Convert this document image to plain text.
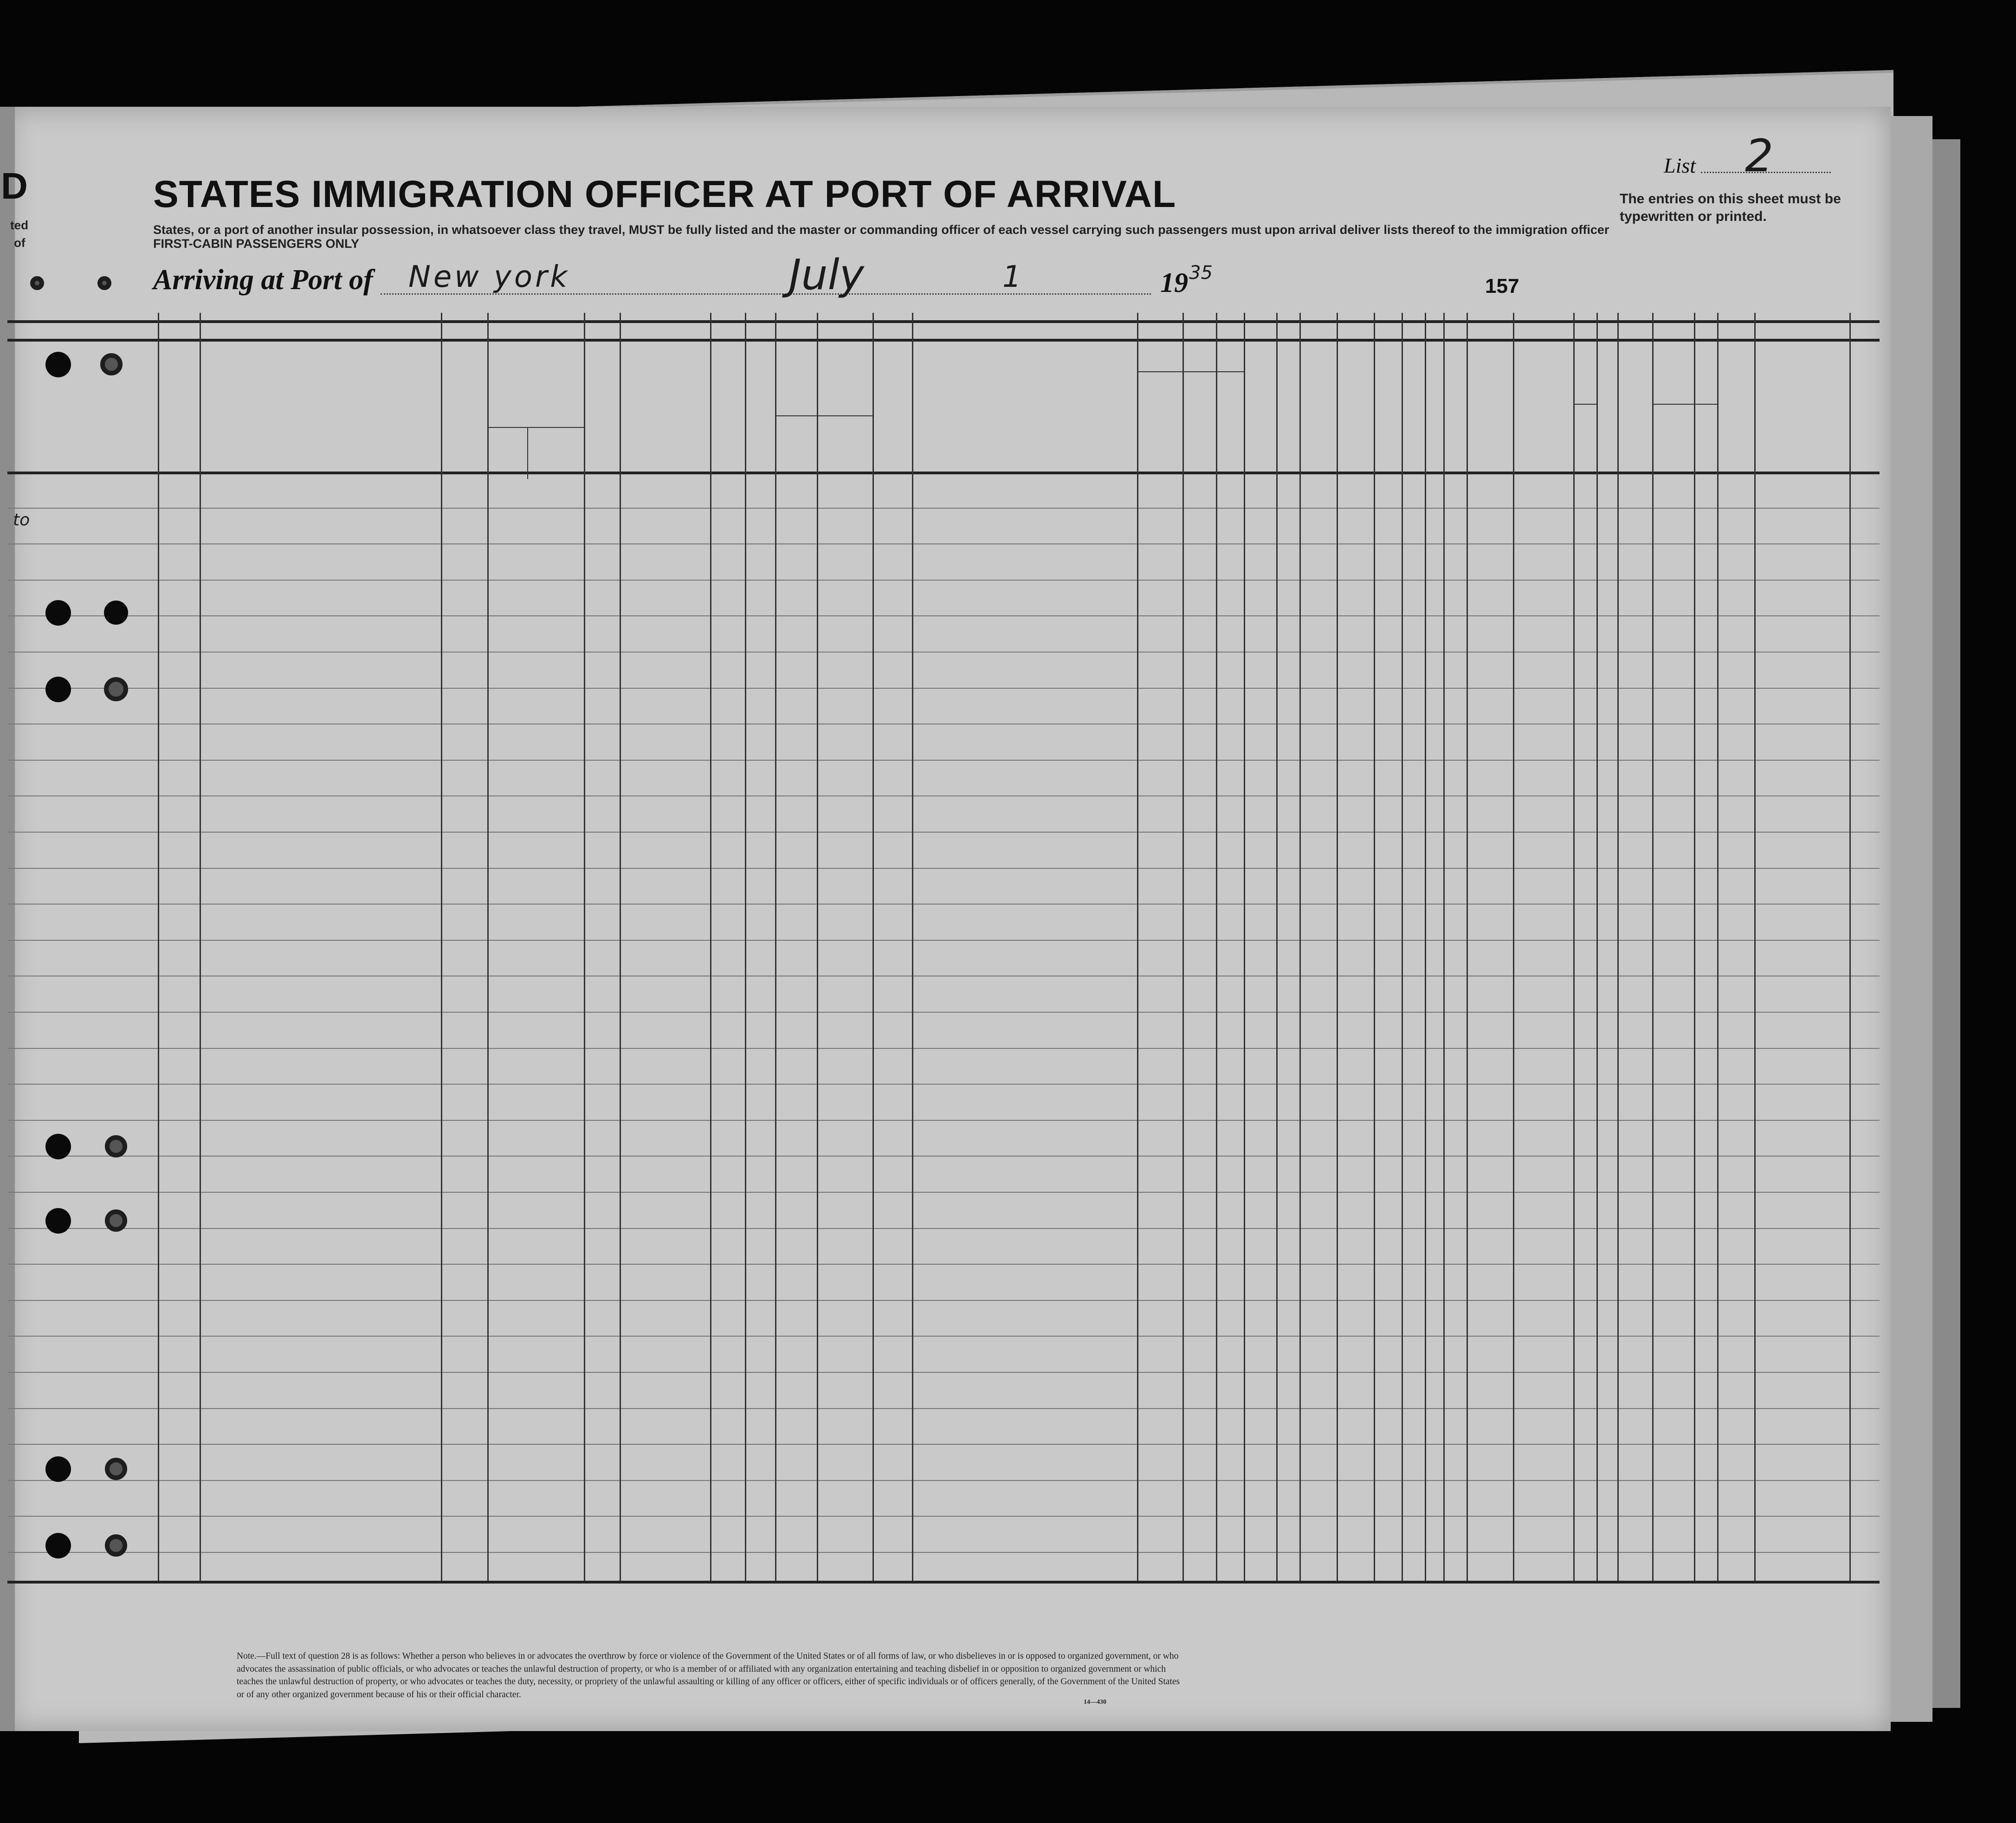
D
ted
of
to
STATES IMMIGRATION OFFICER AT PORT OF ARRIVAL
States, or a port of another insular possession, in whatsoever class they travel, MUST be fully listed and the master or commanding officer of each vessel carrying such passengers must upon arrival deliver lists thereof to the immigration officer
FIRST-CABIN PASSENGERS ONLY
Arriving at Port of New york	July	1	19 35
157
List 2
The entries on this sheet must be typewritten or printed.
Note.—Full text of question 28 is as follows: Whether a person who believes in or advocates the overthrow by force or violence of the Government of the United States or of all forms of law, or who disbelieves in or is opposed to organized government, or who advocates the assassination of public officials, or who advocates or teaches the unlawful destruction of property, or who is a member of or affiliated with any organization entertaining and teaching disbelief in or opposition to organized government or which teaches the unlawful destruction of property, or who advocates or teaches the duty, necessity, or propriety of the unlawful assaulting or killing of any officer or officers, either of specific individuals or of officers generally, of the Government of the United States or of any other organized government because of his or their official character.
14—430
